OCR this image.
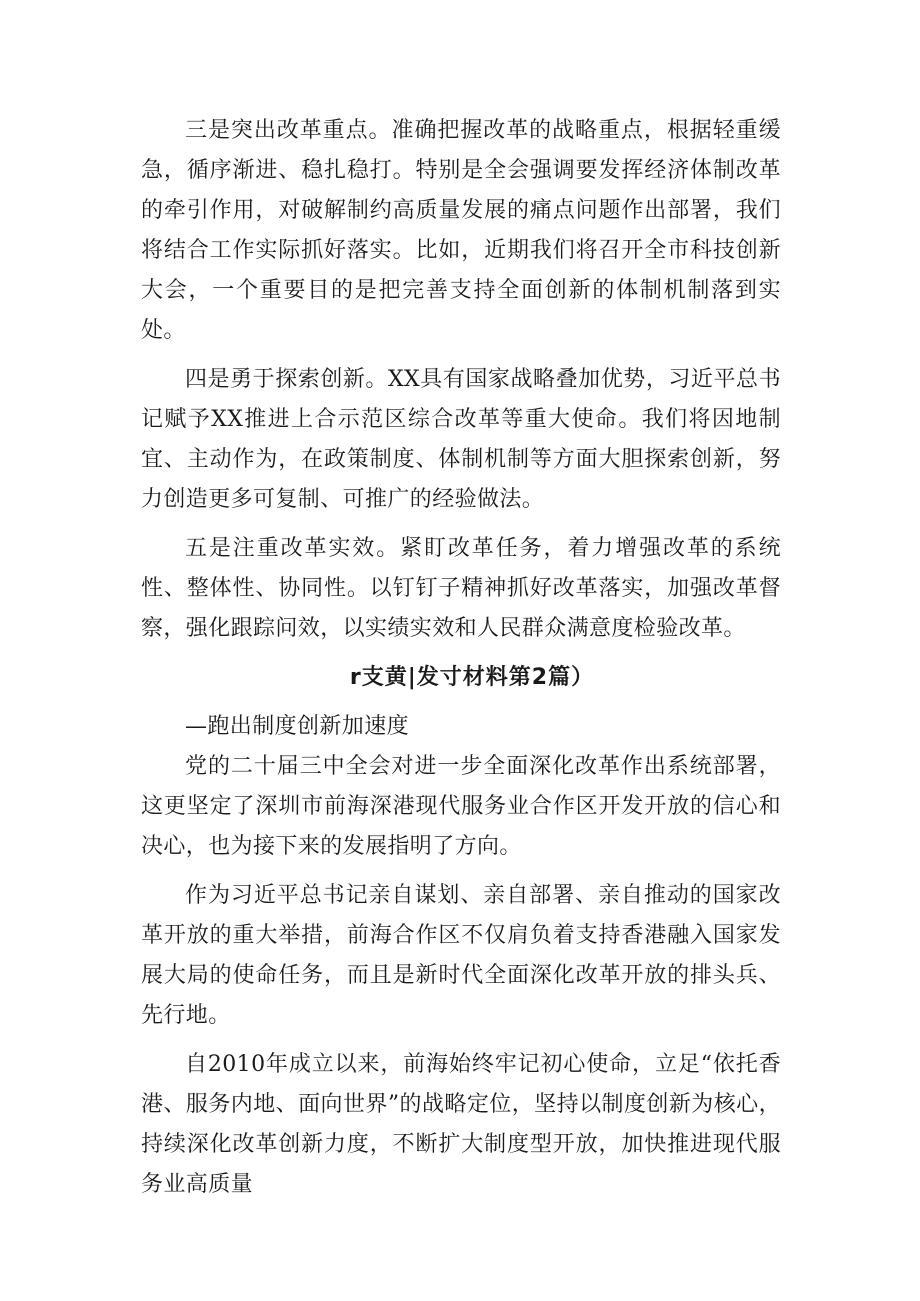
三是突出改革重点。准确把握改革的战略重点，根据轻重缓急，循序渐进、稳扎稳打。特别是全会强调要发挥经济体制改革的牵引作用，对破解制约高质量发展的痛点问题作出部署，我们将结合工作实际抓好落实。比如，近期我们将召开全市科技创新大会，一个重要目的是把完善支持全面创新的体制机制落到实处。

四是勇于探索创新。XX具有国家战略叠加优势，习近平总书记赋予XX推进上合示范区综合改革等重大使命。我们将因地制宜、主动作为，在政策制度、体制机制等方面大胆探索创新，努力创造更多可复制、可推广的经验做法。

五是注重改革实效。紧盯改革任务，着力增强改革的系统性、整体性、协同性。以钉钉子精神抓好改革落实，加强改革督察，强化跟踪问效，以实绩实效和人民群众满意度检验改革。

r支黄|发寸材料第2篇）

—跑出制度创新加速度

党的二十届三中全会对进一步全面深化改革作出系统部署，这更坚定了深圳市前海深港现代服务业合作区开发开放的信心和决心，也为接下来的发展指明了方向。

作为习近平总书记亲自谋划、亲自部署、亲自推动的国家改革开放的重大举措，前海合作区不仅肩负着支持香港融入国家发展大局的使命任务，而且是新时代全面深化改革开放的排头兵、先行地。

自2010年成立以来，前海始终牢记初心使命，立足“依托香港、服务内地、面向世界”的战略定位，坚持以制度创新为核心，持续深化改革创新力度，不断扩大制度型开放，加快推进现代服务业高质量
